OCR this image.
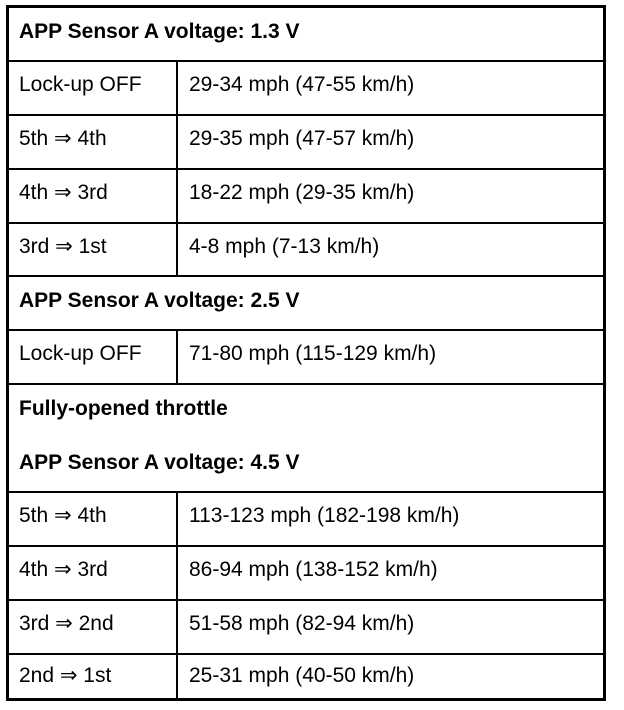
APP Sensor A voltage: 1.3 V
Lock-up OFF 29-34 mph (47-55 km/h)
5th ⇒ 4th	29-35 mph (47-57 km/h)
4th ⇒ 3rd	18-22 mph (29-35 km/h)
3rd ⇒ 1st	4-8 mph (7-13 km/h)
APP Sensor A voltage: 2.5 V
Lock-up OFF 71-80 mph (115-129 km/h)
Fully-opened throttle
APP Sensor A voltage: 4.5 V
5th ⇒ 4th	113-123 mph (182-198 km/h)
4th ⇒ 3rd	86-94 mph (138-152 km/h)
3rd ⇒ 2nd	51-58 mph (82-94 km/h)
2nd ⇒ 1st	25-31 mph (40-50 km/h)
